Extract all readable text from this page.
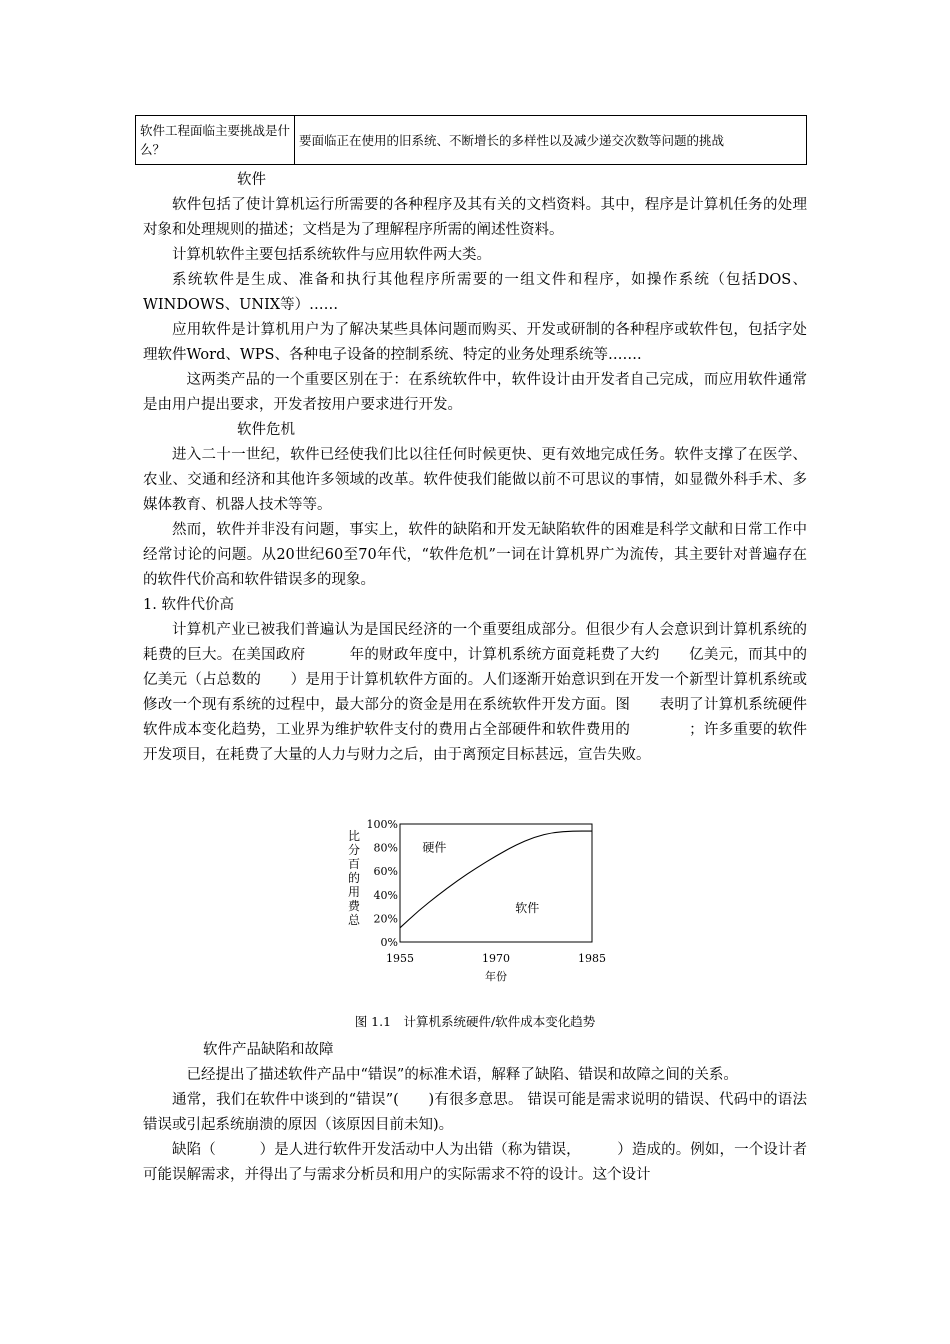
软件工程面临主要挑战是什么？	要面临正在使用的旧系统、不断增长的多样性以及减少递交次数等问题的挑战

软件

软件包括了使计算机运行所需要的各种程序及其有关的文档资料。其中，程序是计算机任务的处理对象和处理规则的描述；文档是为了理解程序所需的阐述性资料。

计算机软件主要包括系统软件与应用软件两大类。

系统软件是生成、准备和执行其他程序所需要的一组文件和程序，如操作系统（包括DOS、WINDOWS、UNIX等）……

应用软件是计算机用户为了解决某些具体问题而购买、开发或研制的各种程序或软件包，包括字处理软件Word、WPS、各种电子设备的控制系统、特定的业务处理系统等…….

这两类产品的一个重要区别在于：在系统软件中，软件设计由开发者自己完成，而应用软件通常是由用户提出要求，开发者按用户要求进行开发。

软件危机

进入二十一世纪，软件已经使我们比以往任何时候更快、更有效地完成任务。软件支撑了在医学、农业、交通和经济和其他许多领域的改革。软件使我们能做以前不可思议的事情，如显微外科手术、多媒体教育、机器人技术等等。

然而，软件并非没有问题，事实上，软件的缺陷和开发无缺陷软件的困难是科学文献和日常工作中经常讨论的问题。从20世纪60至70年代，“软件危机”一词在计算机界广为流传，其主要针对普遍存在的软件代价高和软件错误多的现象。

1. 软件代价高

计算机产业已被我们普遍认为是国民经济的一个重要组成部分。但很少有人会意识到计算机系统的耗费的巨大。在美国政府　　　年的财政年度中，计算机系统方面竟耗费了大约　　亿美元，而其中的　　亿美元（占总数的　　）是用于计算机软件方面的。人们逐渐开始意识到在开发一个新型计算机系统或修改一个现有系统的过程中，最大部分的资金是用在系统软件开发方面。图　　表明了计算机系统硬件 软件成本变化趋势，工业界为维护软件支付的费用占全部硬件和软件费用的　　　　；许多重要的软件开发项目，在耗费了大量的人力与财力之后，由于离预定目标甚远，宣告失败。

0%
20%
40%
60%
80%
100%
1955	1970	1985
年份
比分百的用费总
硬件
软件
图 1.1　计算机系统硬件/软件成本变化趋势

软件产品缺陷和故障

已经提出了描述软件产品中“错误”的标准术语，解释了缺陷、错误和故障之间的关系。

通常，我们在软件中谈到的“错误”(　　)有很多意思。 错误可能是需求说明的错误、代码中的语法错误或引起系统崩溃的原因（该原因目前未知)。

缺陷（　　　）是人进行软件开发活动中人为出错（称为错误，　　　）造成的。例如，一个设计者可能误解需求，并得出了与需求分析员和用户的实际需求不符的设计。这个设计
